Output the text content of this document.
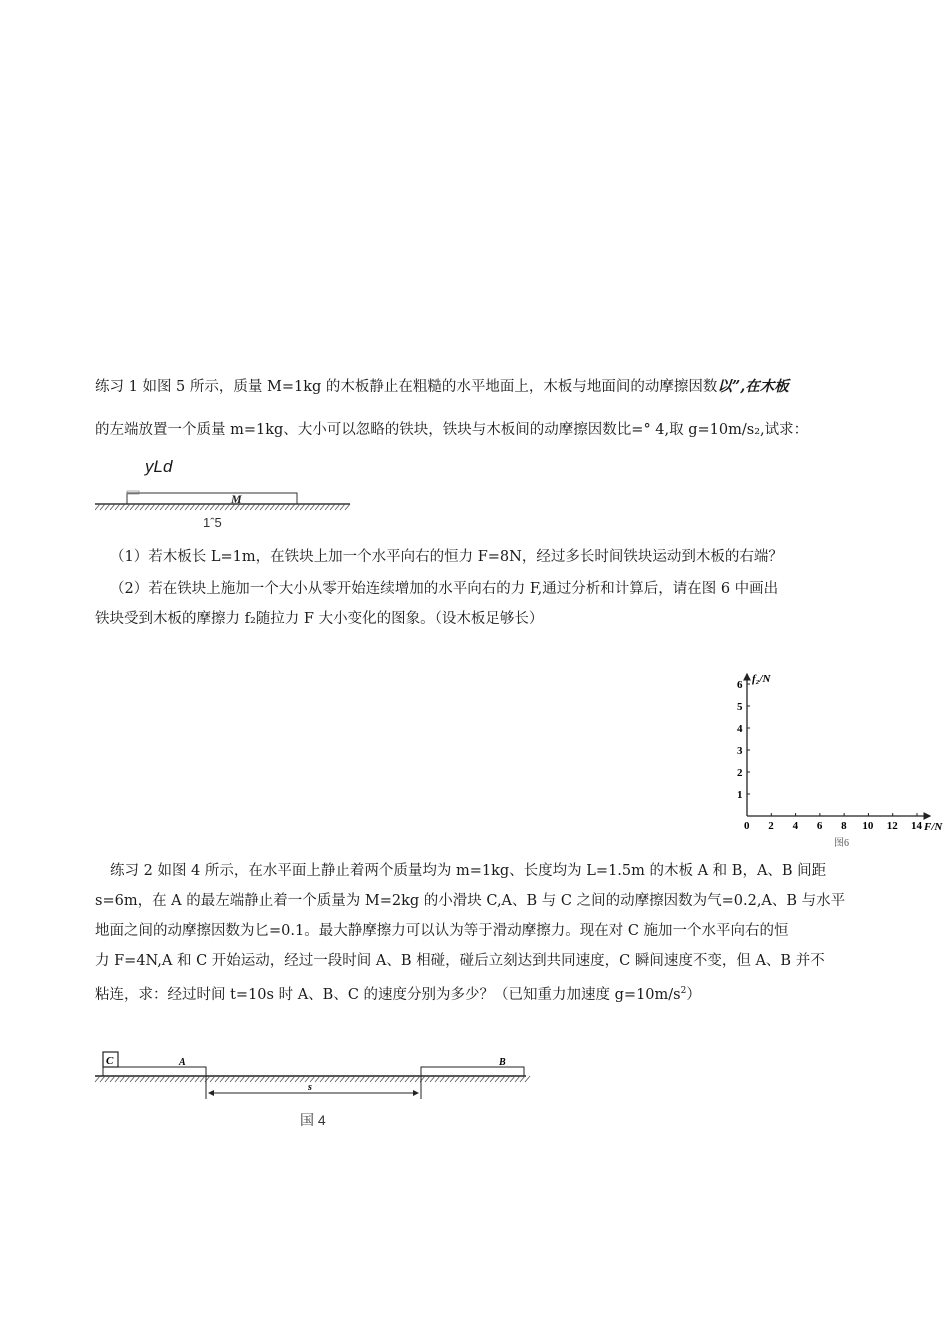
练习 1 如图 5 所示，质量 M=1kg 的木板静止在粗糙的水平地面上，木板与地面间的动摩擦因数以”,在木板
的左端放置一个质量 m=1kg、大小可以忽略的铁块，铁块与木板间的动摩擦因数比=° 4,取 g=10m/s₂,试求：
yLd
M
1ˆ5
（1）若木板长 L=1m，在铁块上加一个水平向右的恒力 F=8N，经过多长时间铁块运动到木板的右端？
（2）若在铁块上施加一个大小从零开始连续增加的水平向右的力 F,通过分析和计算后，请在图 6 中画出
铁块受到木板的摩擦力 f₂随拉力 F 大小变化的图象。（设木板足够长）
f₂/N
F/N
0 2 4 6 8 10 12 14
1
2
3
4
5
6
图6
练习 2 如图 4 所示，在水平面上静止着两个质量均为 m=1kg、长度均为 L=1.5m 的木板 A 和 B，A、B 间距
s=6m，在 A 的最左端静止着一个质量为 M=2kg 的小滑块 C,A、B 与 C 之间的动摩擦因数为气=0.2,A、B 与水平
地面之间的动摩擦因数为匕=0.1。最大静摩擦力可以认为等于滑动摩擦力。现在对 C 施加一个水平向右的恒
力 F=4N,A 和 C 开始运动，经过一段时间 A、B 相碰，碰后立刻达到共同速度，C 瞬间速度不变，但 A、B 并不
粘连，求：经过时间 t=10s 时 A、B、C 的速度分别为多少？（已知重力加速度 $g=10m/s^2$）
C	A	B
s
国 4
